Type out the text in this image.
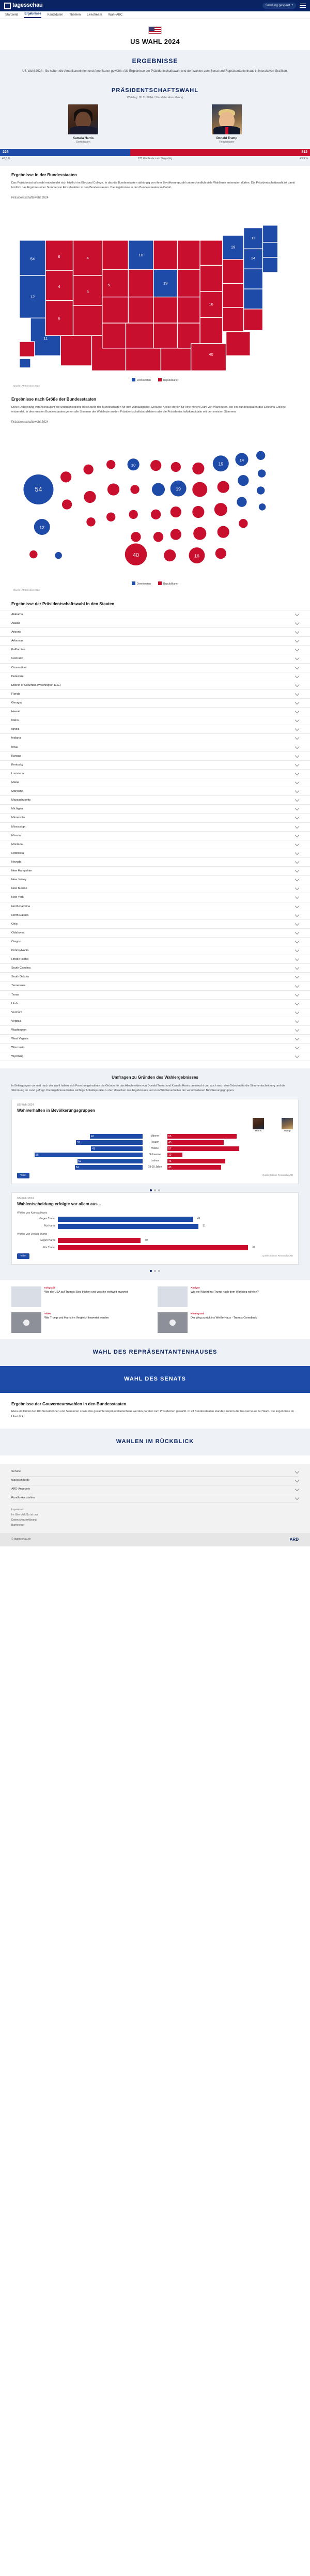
tagesschau	Sendung gesperrt ▾
Startseite Ergebnisse Kandidaten Themen Livestream Wahl-ABC
US WAHL 2024
ERGEBNISSE

US-Wahl 2024 - So haben die Amerikanerinnen und Amerikaner gewählt: Alle Ergebnisse der Präsidentschaftswahl und der Wahlen zum Senat und Repräsentantenhaus in interaktiven Grafiken.

PRÄSIDENTSCHAFTSWAHL
Wahltag: 05.11.2024 / Stand der Auszählung
Kamala Harris
Demokraten
Donald Trump
Republikaner
226	312
48,3 %	270 Wahlleute zum Sieg nötig	49,9 %
Ergebnisse in der Bundesstaaten

Das Präsidentschaftswahl entscheidet sich letztlich im Electoral College. In das die Bundesstaaten abhängig von ihrer Bevölkerungszahl unterschiedlich viele Wahlleute entsenden dürfen. Die Präsidentschaftswahl ist damit letztlich das Ergebnis einer Summe von Einzelwahlen in den Bundesstaaten. Die Ergebnisse in den Bundesstaaten im Detail.

Präsidentschaftswahl 2024
54
12
11
6
4
6
4
3
5
10
19
19
11
14
16
40
Demokraten	Republikaner
Quelle: AP/Election 2024
Ergebnisse nach Größe der Bundesstaaten

Diese Darstellung veranschaulicht die unterschiedliche Bedeutung der Bundesstaaten für den Wahlausgang: Größere Kreise stehen für eine höhere Zahl von Wahlleuten, die ein Bundesstaat in das Electoral College entsendet. In den meisten Bundesstaaten gehen alle Stimmen der Wahlleute an den Präsidentschaftskandidaten oder die Präsidentschaftskandidatin mit den meisten Stimmen.

Präsidentschaftswahl 2024
54
12
10
40
19
16
19
14
Demokraten	Republikaner
Quelle: AP/Election 2024
Ergebnisse der Präsidentschaftswahl in den Staaten
Alabama
Alaska
Arizona
Arkansas
Kalifornien
Colorado
Connecticut
Delaware
District of Columbia (Washington D.C.)
Florida
Georgia
Hawaii
Idaho
Illinois
Indiana
Iowa
Kansas
Kentucky
Louisiana
Maine
Maryland
Massachusetts
Michigan
Minnesota
Mississippi
Missouri
Montana
Nebraska
Nevada
New Hampshire
New Jersey
New Mexico
New York
North Carolina
North Dakota
Ohio
Oklahoma
Oregon
Pennsylvania
Rhode Island
South Carolina
South Dakota
Tennessee
Texas
Utah
Vermont
Virginia
Washington
West Virginia
Wisconsin
Wyoming
Umfragen zu Gründen des Wahlergebnisses

In Befragungen vor und nach der Wahl haben sich Forschungsinstitute die Gründe für das Abschneiden von Donald Trump und Kamala Harris untersucht und auch nach den Gründen für die Stimmentscheidung und die Stimmung im Land gefragt. Die Ergebnisse bieten wichtige Anhaltspunkte zu den Ursachen des Ergebnisses und zum Wählerverhalten der verschiedenen Bevölkerungsgruppen.

US-Wahl 2024
Wahlverhalten in Bevölkerungsgruppen
Harris	Trump
42	Männer	55
53	Frauen	45
41	Weiße	57
86	Schwarze	12
52	Latinos	46
54	18-29 Jahre	43
Teilen	Quelle: Edison Research/ARD
US-Wahl 2024
Wahlentscheidung erfolgte vor allem aus...
Wähler von Kamala Harris
Gegen Trump	49
Für Harris	51
Wähler von Donald Trump
Gegen Harris	30
Für Trump	69
Teilen	Quelle: Edison Research/ARD
Infografik
Wie die USA auf Trumps Sieg blicken und was ihn weltweit erwartet
Analyse
Wie viel Macht hat Trump nach dem Wahlsieg wirklich?
Video
Wie Trump und Harris im Vergleich bewertet werden
Hintergrund
Der Weg zurück ins Weiße Haus - Trumps Comeback
WAHL DES REPRÄSENTANTENHAUSES
WAHL DES SENATS
Ergebnisse der Gouverneurswahlen in den Bundesstaaten

Etwa ein Drittel der 100 Senatorinnen und Senatoren sowie das gesamte Repräsentantenhaus werden parallel zum Präsidenten gewählt. In elf Bundesstaaten standen zudem die Gouverneure zur Wahl. Die Ergebnisse im Überblick.

WAHLEN IM RÜCKBLICK
Service
tagesschau.de
ARD-Angebote
Rundfunkanstalten
Impressum
Im Überblick/So ist uns
Datenschutzerklärung
Barrierefrei
© tagesschau.de	ARD
